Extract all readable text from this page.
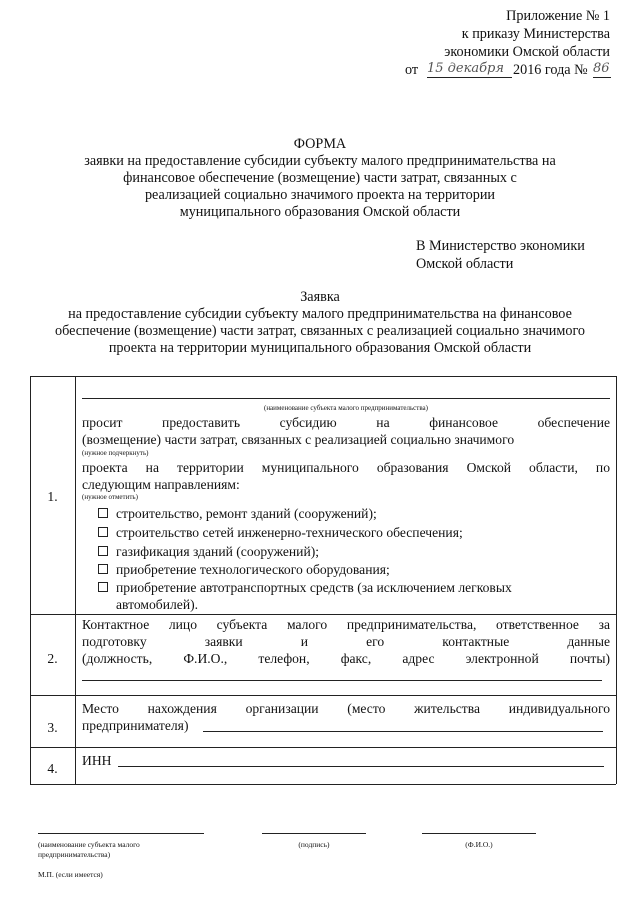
Приложение № 1
к приказу Министерства
экономики Омской области
от 15 декабря 2016 года № 86
ФОРМА
заявки на предоставление субсидии субъекту малого предпринимательства на
финансовое обеспечение (возмещение) части затрат, связанных с
реализацией социально значимого проекта на территории
муниципального образования Омской области
В Министерство экономики
Омской области
Заявка
на предоставление субсидии субъекту малого предпринимательства на финансовое
обеспечение (возмещение) части затрат, связанных с реализацией социально значимого
проекта на территории муниципального образования Омской области
1.
(наименование субъекта малого предпринимательства)
просит предоставить субсидию на финансовое обеспечение
(возмещение) части затрат, связанных с реализацией социально значимого
(нужное подчеркнуть)
проекта на территории муниципального образования Омской области, по
следующим направлениям:
(нужное отметить)
строительство, ремонт зданий (сооружений);
строительство сетей инженерно-технического обеспечения;
газификация зданий (сооружений);
приобретение технологического оборудования;
приобретение автотранспортных средств (за исключением легковых
автомобилей).
2.
Контактное лицо субъекта малого предпринимательства, ответственное за
подготовку заявки и его контактные данные
(должность, Ф.И.О., телефон, факс, адрес электронной почты)
3.
Место нахождения организации (место жительства индивидуального
предпринимателя)
4.
ИНН
(наименование субъекта малого
предпринимательства)
(подпись)	(Ф.И.О.)
М.П. (если имеется)
